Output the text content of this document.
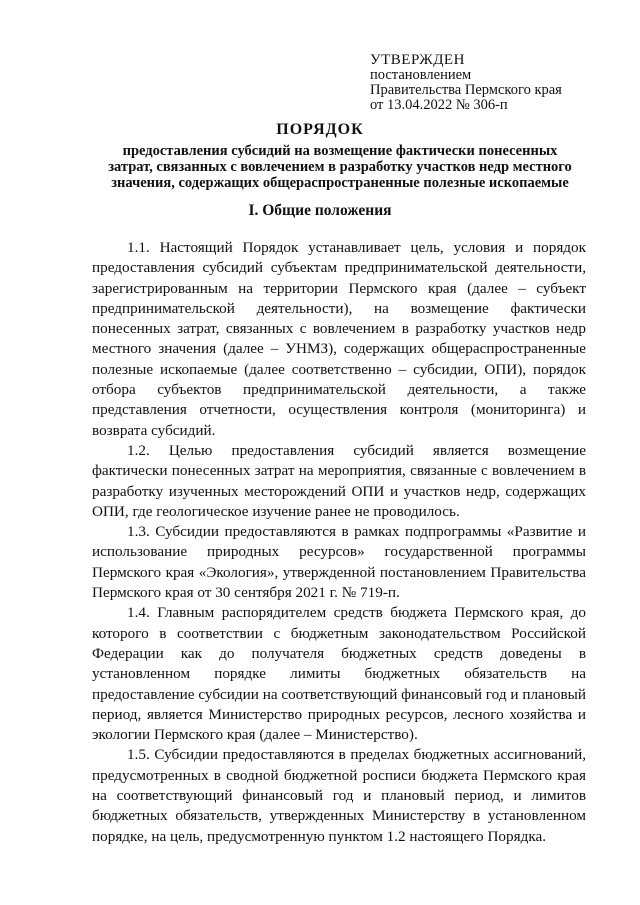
УТВЕРЖДЕН
постановлением
Правительства Пермского края
от 13.04.2022 № 306-п
ПОРЯДОК
предоставления субсидий на возмещение фактически понесенных
затрат, связанных с вовлечением в разработку участков недр местного
значения, содержащих общераспространенные полезные ископаемые
I. Общие положения

1.1. Настоящий Порядок устанавливает цель, условия и порядок предоставления субсидий субъектам предпринимательской деятельности, зарегистрированным на территории Пермского края (далее – субъект предпринимательской деятельности), на возмещение фактически понесенных затрат, связанных с вовлечением в разработку участков недр местного значения (далее – УНМЗ), содержащих общераспространенные полезные ископаемые (далее соответственно – субсидии, ОПИ), порядок отбора субъектов предпринимательской деятельности, а также представления отчетности, осуществления контроля (мониторинга) и возврата субсидий.

1.2. Целью предоставления субсидий является возмещение фактически понесенных затрат на мероприятия, связанные с вовлечением в разработку изученных месторождений ОПИ и участков недр, содержащих ОПИ, где геологическое изучение ранее не проводилось.

1.3. Субсидии предоставляются в рамках подпрограммы «Развитие и использование природных ресурсов» государственной программы Пермского края «Экология», утвержденной постановлением Правительства Пермского края от 30 сентября 2021 г. № 719-п.

1.4. Главным распорядителем средств бюджета Пермского края, до которого в соответствии с бюджетным законодательством Российской Федерации как до получателя бюджетных средств доведены в установленном порядке лимиты бюджетных обязательств на предоставление субсидии на соответствующий финансовый год и плановый период, является Министерство природных ресурсов, лесного хозяйства и экологии Пермского края (далее – Министерство).

1.5. Субсидии предоставляются в пределах бюджетных ассигнований, предусмотренных в сводной бюджетной росписи бюджета Пермского края на соответствующий финансовый год и плановый период, и лимитов бюджетных обязательств, утвержденных Министерству в установленном порядке, на цель, предусмотренную пунктом 1.2 настоящего Порядка.
